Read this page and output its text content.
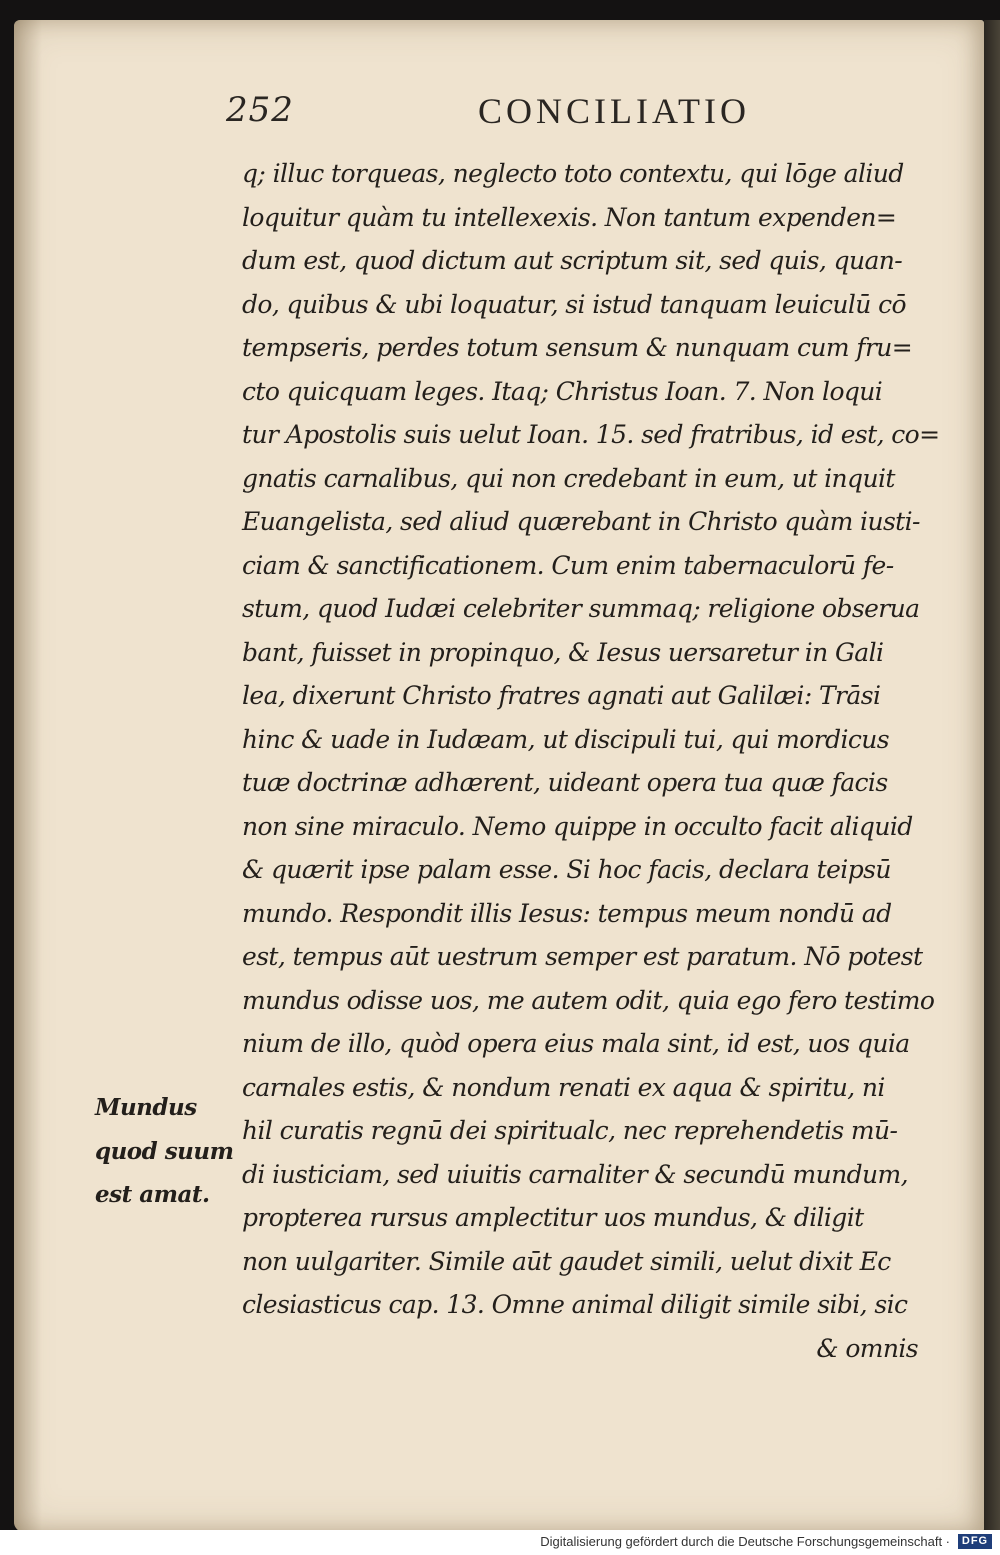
252	CONCILIATIO
q; illuc torqueas, neglecto toto contextu, qui lōge aliud
loquitur quàm tu intellexexis. Non tantum expenden=
dum est, quod dictum aut scriptum sit, sed quis, quan-
do, quibus & ubi loquatur, si istud tanquam leuiculū cō
tempseris, perdes totum sensum & nunquam cum fru=
cto quicquam leges. Itaq; Christus Ioan. 7. Non loqui
tur Apostolis suis uelut Ioan. 15. sed fratribus, id est, co=
gnatis carnalibus, qui non credebant in eum, ut inquit
Euangelista, sed aliud quærebant in Christo quàm iusti-
ciam & sanctificationem. Cum enim tabernaculorū fe-
stum, quod Iudæi celebriter summaq; religione obserua
bant, fuisset in propinquo, & Iesus uersaretur in Gali
lea, dixerunt Christo fratres agnati aut Galilæi: Trāsi
hinc & uade in Iudæam, ut discipuli tui, qui mordicus
tuæ doctrinæ adhærent, uideant opera tua quæ facis
non sine miraculo. Nemo quippe in occulto facit aliquid
& quærit ipse palam esse. Si hoc facis, declara teipsū
mundo. Respondit illis Iesus: tempus meum nondū ad
est, tempus aūt uestrum semper est paratum. Nō potest
mundus odisse uos, me autem odit, quia ego fero testimo
nium de illo, quòd opera eius mala sint, id est, uos quia
carnales estis, & nondum renati ex aqua & spiritu, ni
hil curatis regnū dei spiritualc, nec reprehendetis mū-
di iusticiam, sed uiuitis carnaliter & secundū mundum,
propterea rursus amplectitur uos mundus, & diligit
non uulgariter. Simile aūt gaudet simili, uelut dixit Ec
clesiasticus cap. 13. Omne animal diligit simile sibi, sic
& omnis
Mundus
quod suum
est amat.
Digitalisierung gefördert durch die Deutsche Forschungsgemeinschaft ·	DFG
